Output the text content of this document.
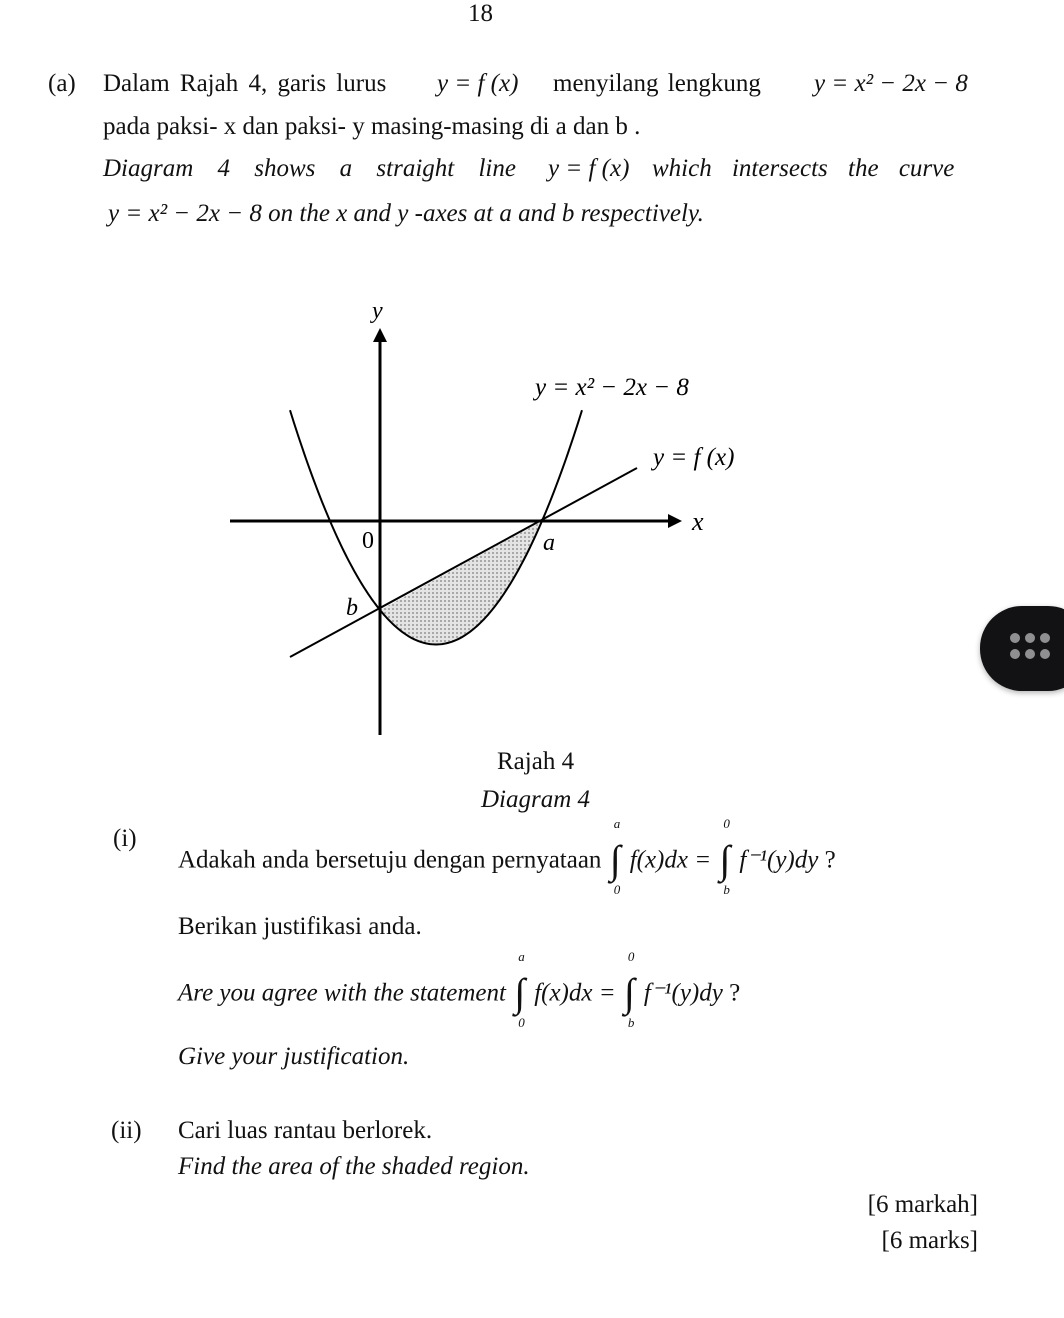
18
(a) Dalam Rajah 4, garis lurus y = f (x) menyilang lengkung y = x² − 2x − 8
pada paksi- x dan paksi- y masing-masing di a dan b .
Diagram 4 shows a straight line y = f (x) which intersects the curve
y = x² − 2x − 8 on the x and y -axes at a and b respectively.
y
x
0	a
b
y = x² − 2x − 8
y = f (x)
Rajah 4
Diagram 4
(i)
Adakah anda bersetuju dengan pernyataan ∫
a
0
f(x)dx = ∫
0
b
f⁻¹(y)dy ?
Berikan justifikasi anda.
Are you agree with the statement ∫
a
0
f(x)dx = ∫
0
b
f⁻¹(y)dy ?
Give your justification.
(ii) Cari luas rantau berlorek.
Find the area of the shaded region.
[6 markah]
[6 marks]
